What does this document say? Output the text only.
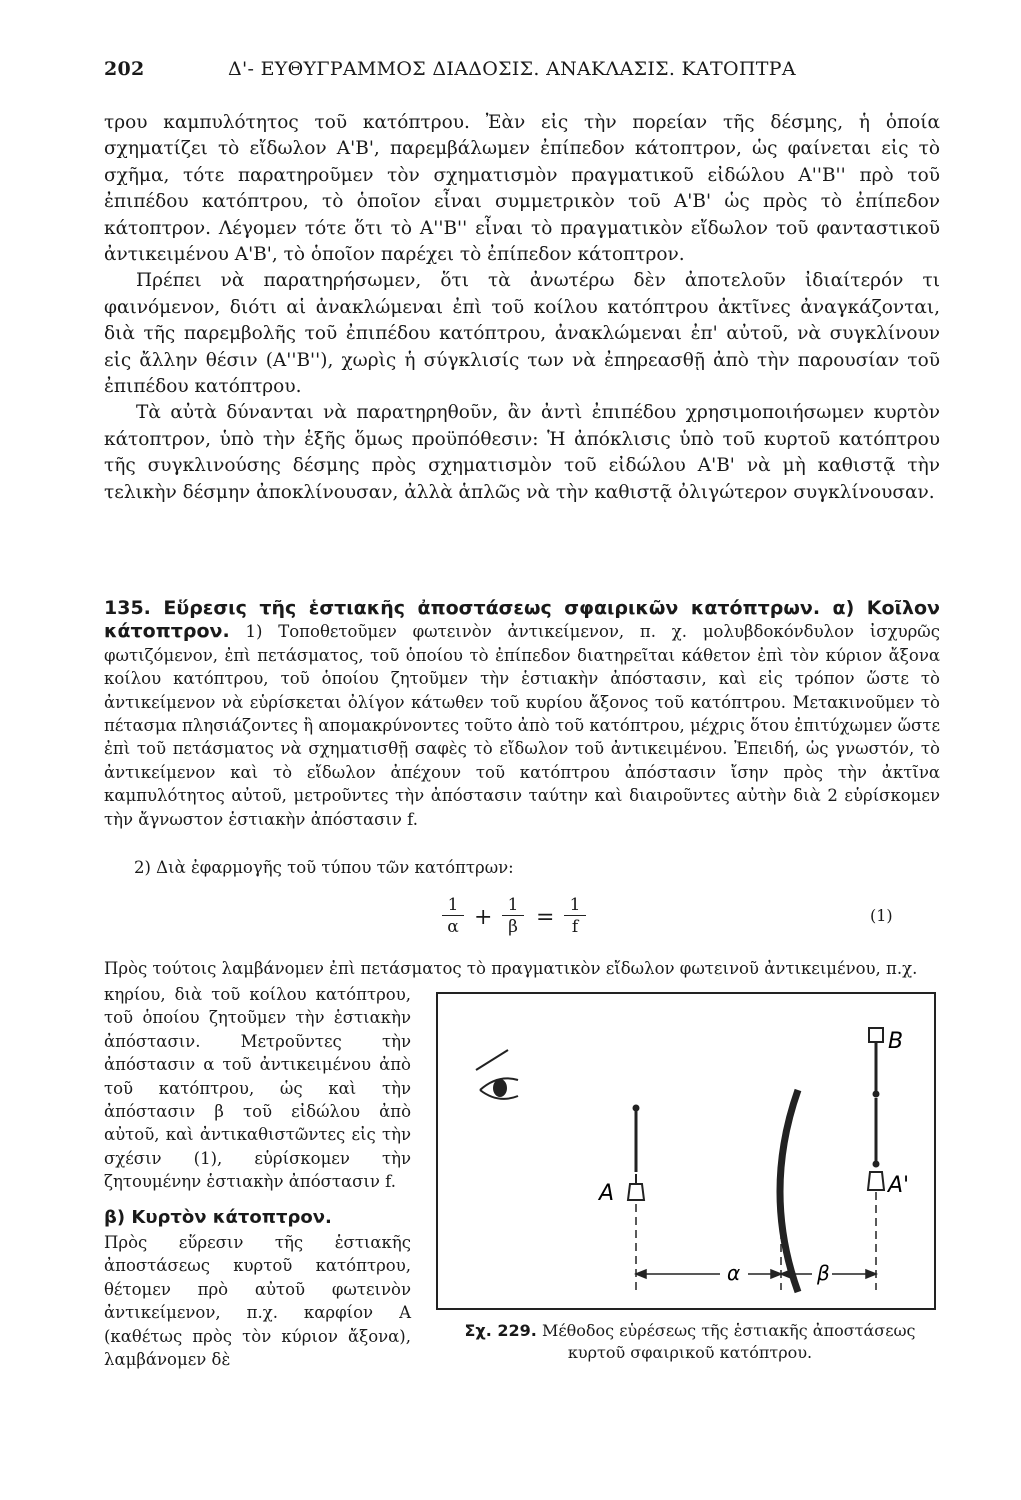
202	Δ'- ΕΥΘΥΓΡΑΜΜΟΣ ΔΙΑΔΟΣΙΣ. ΑΝΑΚΛΑΣΙΣ. ΚΑΤΟΠΤΡΑ

τρου καμπυλότητος τοῦ κατόπτρου. Ἐὰν εἰς τὴν πορείαν τῆς δέσμης, ἡ ὁποία σχηματίζει τὸ εἴδωλον Α'Β', παρεμβάλωμεν ἐπίπεδον κάτοπτρον, ὡς φαίνεται εἰς τὸ σχῆμα, τότε παρατηροῦμεν τὸν σχηματισμὸν πραγματικοῦ εἰδώλου Α''Β'' πρὸ τοῦ ἐπιπέδου κατόπτρου, τὸ ὁποῖον εἶναι συμμετρικὸν τοῦ Α'Β' ὡς πρὸς τὸ ἐπίπεδον κάτοπτρον. Λέγομεν τότε ὅτι τὸ Α''Β'' εἶναι τὸ πραγματικὸν εἴδωλον τοῦ φανταστικοῦ ἀντικειμένου Α'Β', τὸ ὁποῖον παρέχει τὸ ἐπίπεδον κάτοπτρον.

Πρέπει νὰ παρατηρήσωμεν, ὅτι τὰ ἀνωτέρω δὲν ἀποτελοῦν ἰδιαίτερόν τι φαινόμενον, διότι αἱ ἀνακλώμεναι ἐπὶ τοῦ κοίλου κατόπτρου ἀκτῖνες ἀναγκάζονται, διὰ τῆς παρεμβολῆς τοῦ ἐπιπέδου κατόπτρου, ἀνακλώμεναι ἐπ' αὐτοῦ, νὰ συγκλίνουν εἰς ἄλλην θέσιν (Α''Β''), χωρὶς ἡ σύγκλισίς των νὰ ἐπηρεασθῇ ἀπὸ τὴν παρουσίαν τοῦ ἐπιπέδου κατόπτρου.

Τὰ αὐτὰ δύνανται νὰ παρατηρηθοῦν, ἂν ἀντὶ ἐπιπέδου χρησιμοποιήσωμεν κυρτὸν κάτοπτρον, ὑπὸ τὴν ἑξῆς ὅμως προϋπόθεσιν: Ἡ ἀπόκλισις ὑπὸ τοῦ κυρτοῦ κατόπτρου τῆς συγκλινούσης δέσμης πρὸς σχηματισμὸν τοῦ εἰδώλου Α'Β' νὰ μὴ καθιστᾷ τὴν τελικὴν δέσμην ἀποκλίνουσαν, ἀλλὰ ἁπλῶς νὰ τὴν καθιστᾷ ὀλιγώτερον συγκλίνουσαν.

135. Εὕρεσις τῆς ἑστιακῆς ἀποστάσεως σφαιρικῶν κατόπτρων. α) Κοῖλον κάτοπτρον. 1) Τοποθετοῦμεν φωτεινὸν ἀντικείμενον, π. χ. μολυβδοκόνδυλον ἰσχυρῶς φωτιζόμενον, ἐπὶ πετάσματος, τοῦ ὁποίου τὸ ἐπίπεδον διατηρεῖται κάθετον ἐπὶ τὸν κύριον ἄξονα κοίλου κατόπτρου, τοῦ ὁποίου ζητοῦμεν τὴν ἑστιακὴν ἀπόστασιν, καὶ εἰς τρόπον ὥστε τὸ ἀντικείμενον νὰ εὑρίσκεται ὀλίγον κάτωθεν τοῦ κυρίου ἄξονος τοῦ κατόπτρου. Μετακινοῦμεν τὸ πέτασμα πλησιάζοντες ἢ απομακρύνοντες τοῦτο ἀπὸ τοῦ κατόπτρου, μέχρις ὅτου ἐπιτύχωμεν ὥστε ἐπὶ τοῦ πετάσματος νὰ σχηματισθῇ σαφὲς τὸ εἴδωλον τοῦ ἀντικειμένου. Ἐπειδή, ὡς γνωστόν, τὸ ἀντικείμενον καὶ τὸ εἴδωλον ἀπέχουν τοῦ κατόπτρου ἀπόστασιν ἴσην πρὸς τὴν ἀκτῖνα καμπυλότητος αὐτοῦ, μετροῦντες τὴν ἀπόστασιν ταύτην καὶ διαιροῦντες αὐτὴν διὰ 2 εὑρίσκομεν τὴν ἄγνωστον ἑστιακὴν ἀπόστασιν f.

2) Διὰ ἐφαρμογῆς τοῦ τύπου τῶν κατόπτρων:
$\frac{1}{\alpha} + \frac{1}{\beta} = \frac{1}{f}$	(1)
Πρὸς τούτοις λαμβάνομεν ἐπὶ πετάσματος τὸ πραγματικὸν εἴδωλον φωτεινοῦ ἀντικειμένου, π.χ.

κηρίου, διὰ τοῦ κοίλου κατόπτρου, τοῦ ὁποίου ζητοῦμεν τὴν ἑστιακὴν ἀπόστασιν. Μετροῦντες τὴν ἀπόστασιν α τοῦ ἀντικειμένου ἀπὸ τοῦ κατόπτρου, ὡς καὶ τὴν ἀπόστασιν β τοῦ εἰδώλου ἀπὸ αὐτοῦ, καὶ ἀντικαθιστῶντες εἰς τὴν σχέσιν (1), εὑρίσκομεν τὴν ζητουμένην ἑστιακὴν ἀπόστασιν f.

β) Κυρτὸν κάτοπτρον.

Πρὸς εὕρεσιν τῆς ἑστιακῆς ἀποστάσεως κυρτοῦ κατόπτρου, θέτομεν πρὸ αὐτοῦ φωτεινὸν ἀντικείμενον, π.χ. καρφίον Α (καθέτως πρὸς τὸν κύριον ἄξονα), λαμβάνομεν δὲ

A
B
A'
α	β
Σχ. 229. Μέθοδος εὑρέσεως τῆς ἑστιακῆς ἀποστάσεως κυρτοῦ σφαιρικοῦ κατόπτρου.
